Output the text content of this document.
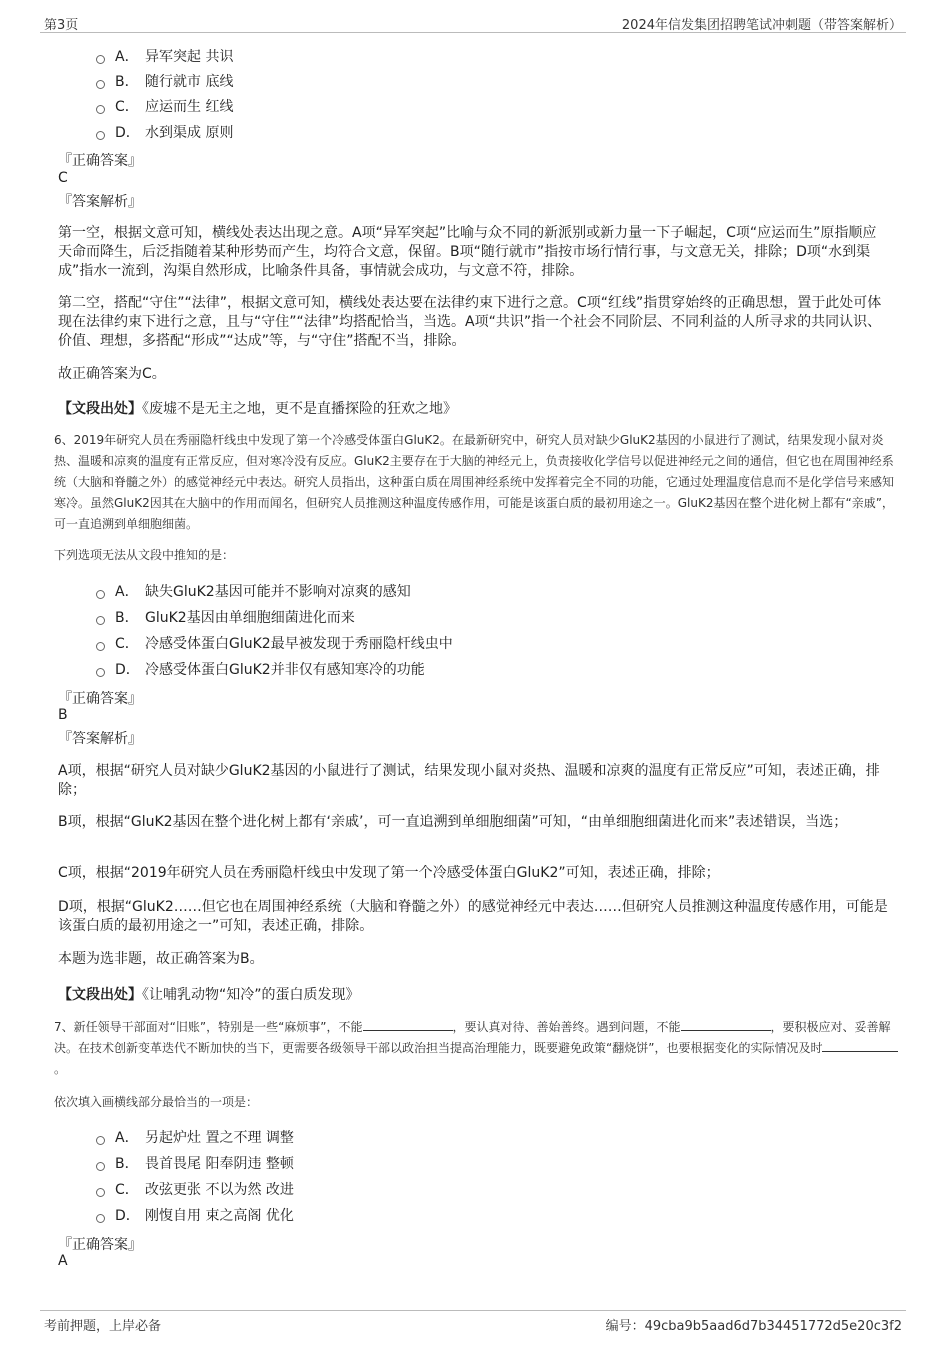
第3页	2024年信发集团招聘笔试冲刺题（带答案解析）
A． 异军突起 共识
B． 随行就市 底线
C． 应运而生 红线
D． 水到渠成 原则
『正确答案』
C
『答案解析』
第一空，根据文意可知，横线处表达出现之意。A项“异军突起”比喻与众不同的新派别或新力量一下子崛起，C项“应运而生”原指顺应天命而降生，后泛指随着某种形势而产生，均符合文意，保留。B项“随行就市”指按市场行情行事，与文意无关，排除；D项“水到渠成”指水一流到，沟渠自然形成，比喻条件具备，事情就会成功，与文意不符，排除。
第二空，搭配“守住”“法律”，根据文意可知，横线处表达要在法律约束下进行之意。C项“红线”指贯穿始终的正确思想，置于此处可体现在法律约束下进行之意，且与“守住”“法律”均搭配恰当，当选。A项“共识”指一个社会不同阶层、不同利益的人所寻求的共同认识、价值、理想，多搭配“形成”“达成”等，与“守住”搭配不当，排除。
故正确答案为C。
【文段出处】《废墟不是无主之地，更不是直播探险的狂欢之地》
6、2019年研究人员在秀丽隐杆线虫中发现了第一个冷感受体蛋白GluK2。在最新研究中，研究人员对缺少GluK2基因的小鼠进行了测试，结果发现小鼠对炎热、温暖和凉爽的温度有正常反应，但对寒冷没有反应。GluK2主要存在于大脑的神经元上，负责接收化学信号以促进神经元之间的通信，但它也在周围神经系统（大脑和脊髓之外）的感觉神经元中表达。研究人员指出，这种蛋白质在周围神经系统中发挥着完全不同的功能，它通过处理温度信息而不是化学信号来感知寒冷。虽然GluK2因其在大脑中的作用而闻名，但研究人员推测这种温度传感作用，可能是该蛋白质的最初用途之一。GluK2基因在整个进化树上都有“亲戚”，可一直追溯到单细胞细菌。
下列选项无法从文段中推知的是：
A． 缺失GluK2基因可能并不影响对凉爽的感知
B． GluK2基因由单细胞细菌进化而来
C． 冷感受体蛋白GluK2最早被发现于秀丽隐杆线虫中
D． 冷感受体蛋白GluK2并非仅有感知寒冷的功能
『正确答案』
B
『答案解析』
A项，根据“研究人员对缺少GluK2基因的小鼠进行了测试，结果发现小鼠对炎热、温暖和凉爽的温度有正常反应”可知，表述正确，排除；
B项，根据“GluK2基因在整个进化树上都有‘亲戚’，可一直追溯到单细胞细菌”可知，“由单细胞细菌进化而来”表述错误，当选；
C项，根据“2019年研究人员在秀丽隐杆线虫中发现了第一个冷感受体蛋白GluK2”可知，表述正确，排除；
D项，根据“GluK2……但它也在周围神经系统（大脑和脊髓之外）的感觉神经元中表达……但研究人员推测这种温度传感作用，可能是该蛋白质的最初用途之一”可知，表述正确，排除。
本题为选非题，故正确答案为B。
【文段出处】《让哺乳动物“知冷”的蛋白质发现》
7、新任领导干部面对“旧账”，特别是一些“麻烦事”，不能	，要认真对待、善始善终。遇到问题，不能	，要积极应对、妥善解决。在技术创新变革迭代不断加快的当下，更需要各级领导干部以政治担当提高治理能力，既要避免政策“翻烧饼”，也要根据变化的实际情况及时。
依次填入画横线部分最恰当的一项是：
A． 另起炉灶 置之不理 调整
B． 畏首畏尾 阳奉阴违 整顿
C． 改弦更张 不以为然 改进
D． 刚愎自用 束之高阁 优化
『正确答案』
A
考前押题，上岸必备	编号：49cba9b5aad6d7b34451772d5e20c3f2
